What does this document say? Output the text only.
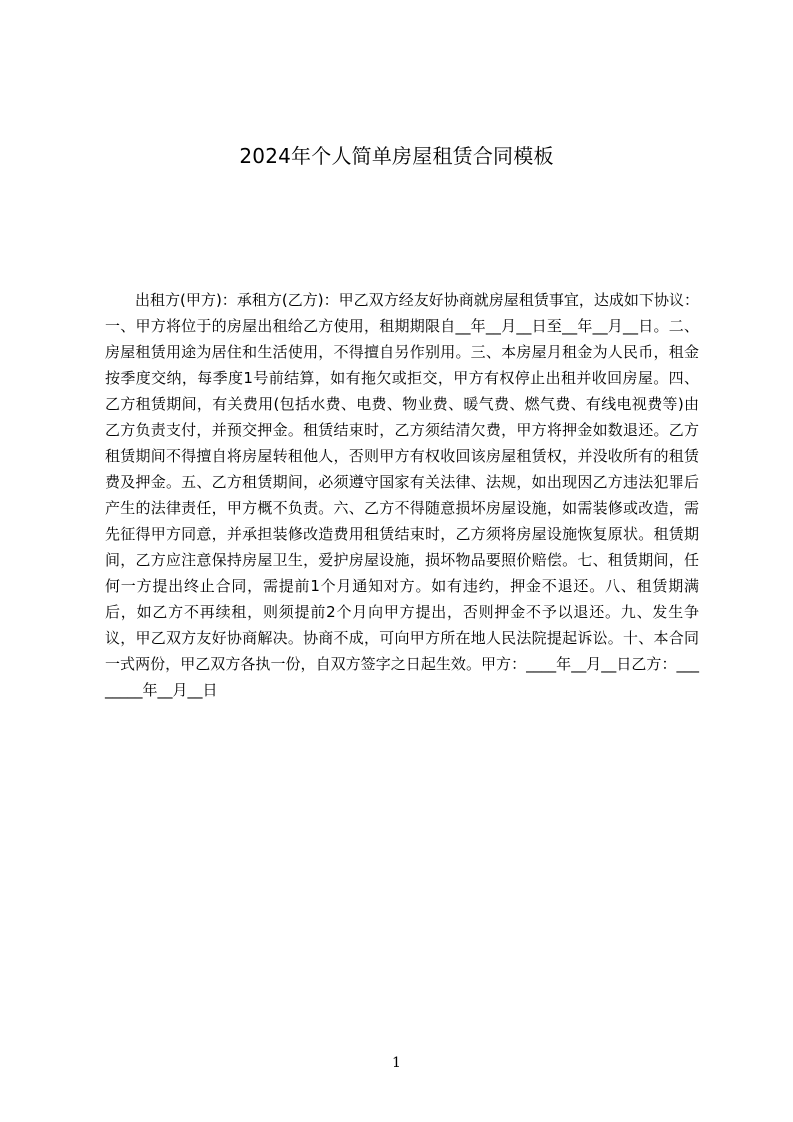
2024年个人简单房屋租赁合同模板

出租方(甲方)：承租方(乙方)：甲乙双方经友好协商就房屋租赁事宜，达成如下协议：一、甲方将位于的房屋出租给乙方使用，租期期限自__年__月__日至__年__月__日。二、房屋租赁用途为居住和生活使用，不得擅自另作别用。三、本房屋月租金为人民币，租金按季度交纳，每季度1号前结算，如有拖欠或拒交，甲方有权停止出租并收回房屋。四、乙方租赁期间，有关费用(包括水费、电费、物业费、暖气费、燃气费、有线电视费等)由乙方负责支付，并预交押金。租赁结束时，乙方须结清欠费，甲方将押金如数退还。乙方租赁期间不得擅自将房屋转租他人，否则甲方有权收回该房屋租赁权，并没收所有的租赁费及押金。五、乙方租赁期间，必须遵守国家有关法律、法规，如出现因乙方违法犯罪后产生的法律责任，甲方概不负责。六、乙方不得随意损坏房屋设施，如需装修或改造，需先征得甲方同意，并承担装修改造费用租赁结束时，乙方须将房屋设施恢复原状。租赁期间，乙方应注意保持房屋卫生，爱护房屋设施，损坏物品要照价赔偿。七、租赁期间，任何一方提出终止合同，需提前1个月通知对方。如有违约，押金不退还。八、租赁期满后，如乙方不再续租，则须提前2个月向甲方提出，否则押金不予以退还。九、发生争议，甲乙双方友好协商解决。协商不成，可向甲方所在地人民法院提起诉讼。十、本合同一式两份，甲乙双方各执一份，自双方签字之日起生效。甲方：____年__月__日乙方：________年__月__日

1
